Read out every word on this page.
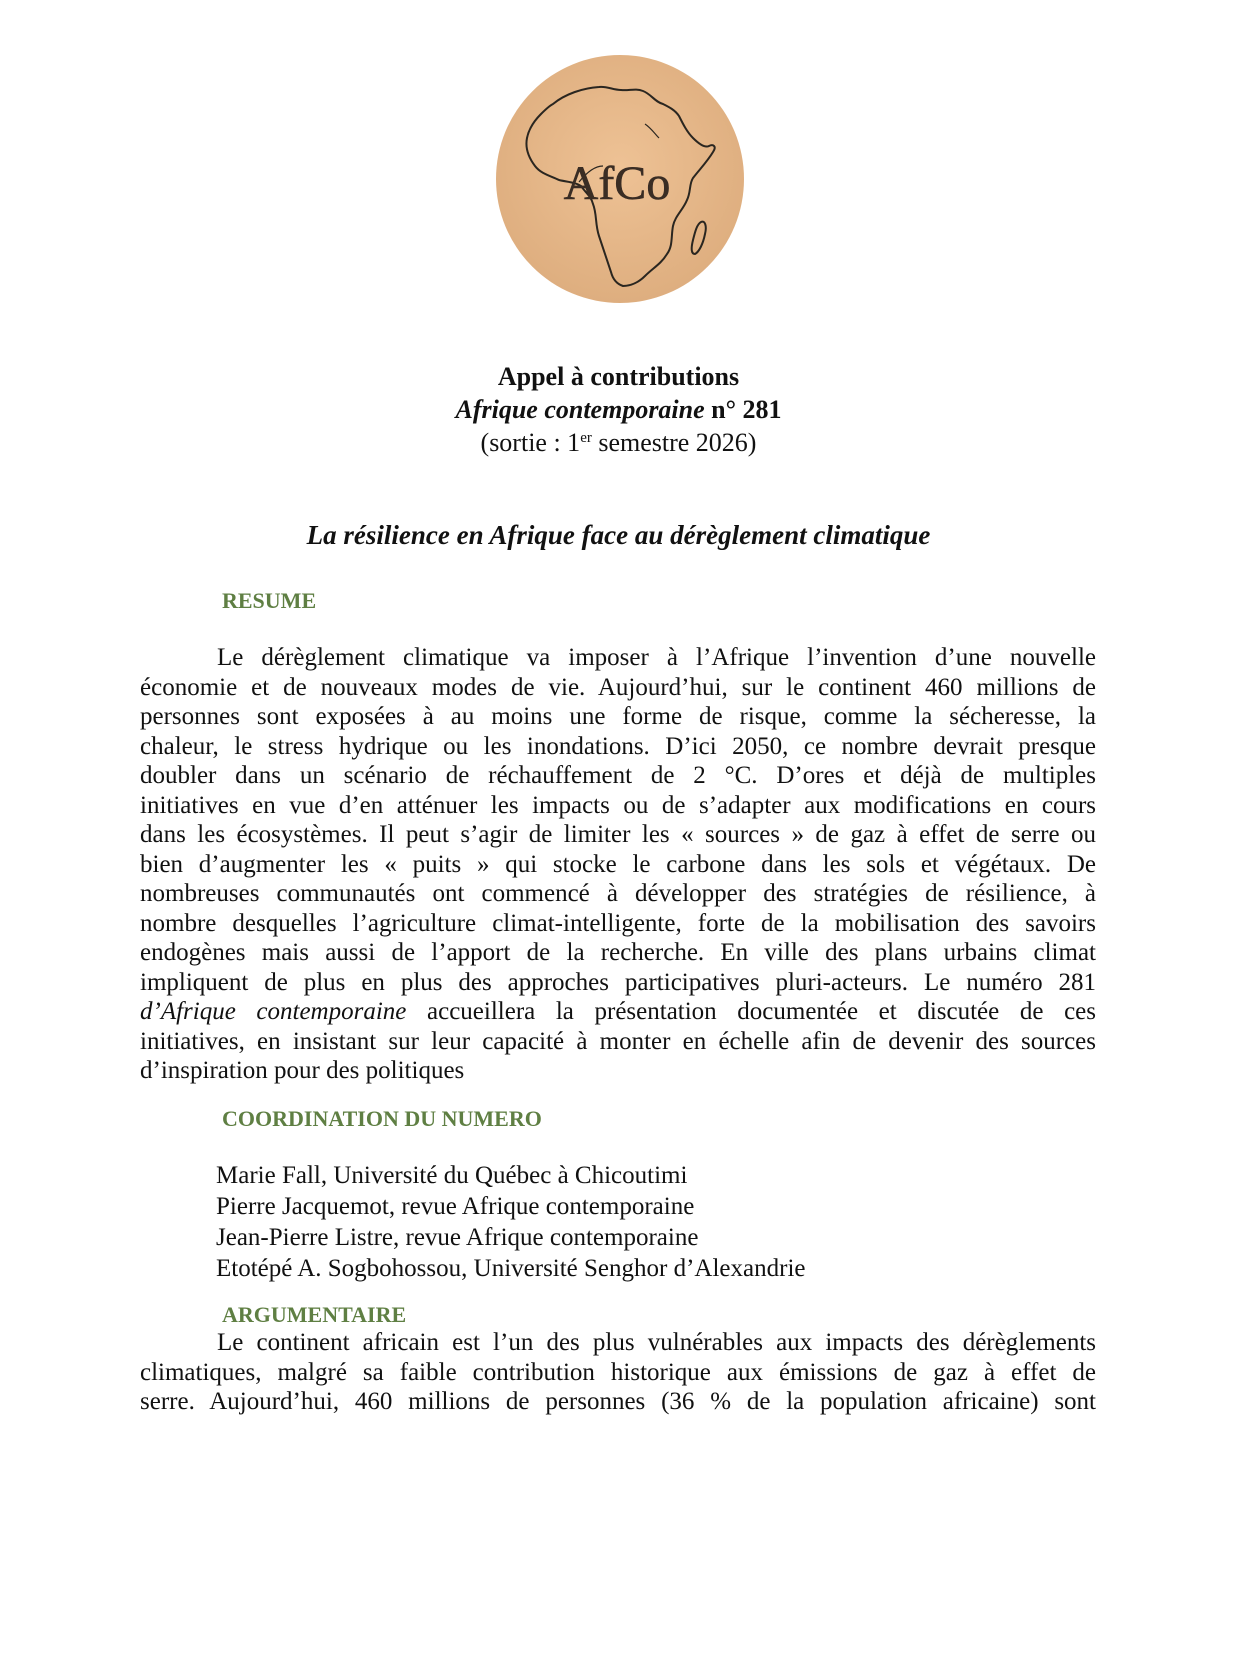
AfCo
Appel à contributions
Afrique contemporaine n° 281
(sortie : 1er semestre 2026)
La résilience en Afrique face au dérèglement climatique
RESUME
Le dérèglement climatique va imposer à l’Afrique l’invention d’une nouvelle
économie et de nouveaux modes de vie. Aujourd’hui, sur le continent 460 millions de
personnes sont exposées à au moins une forme de risque, comme la sécheresse, la
chaleur, le stress hydrique ou les inondations. D’ici 2050, ce nombre devrait presque
doubler dans un scénario de réchauffement de 2 °C. D’ores et déjà de multiples
initiatives en vue d’en atténuer les impacts ou de s’adapter aux modifications en cours
dans les écosystèmes. Il peut s’agir de limiter les « sources » de gaz à effet de serre ou
bien d’augmenter les « puits » qui stocke le carbone dans les sols et végétaux. De
nombreuses communautés ont commencé à développer des stratégies de résilience, à
nombre desquelles l’agriculture climat-intelligente, forte de la mobilisation des savoirs
endogènes mais aussi de l’apport de la recherche. En ville des plans urbains climat
impliquent de plus en plus des approches participatives pluri-acteurs. Le numéro 281
d’Afrique contemporaine accueillera la présentation documentée et discutée de ces
initiatives, en insistant sur leur capacité à monter en échelle afin de devenir des sources
d’inspiration pour des politiques
COORDINATION DU NUMERO
Marie Fall, Université du Québec à Chicoutimi
Pierre Jacquemot, revue Afrique contemporaine
Jean-Pierre Listre, revue Afrique contemporaine
Etotépé A. Sogbohossou, Université Senghor d’Alexandrie
ARGUMENTAIRE
Le continent africain est l’un des plus vulnérables aux impacts des dérèglements
climatiques, malgré sa faible contribution historique aux émissions de gaz à effet de
serre. Aujourd’hui, 460 millions de personnes (36 % de la population africaine) sont
